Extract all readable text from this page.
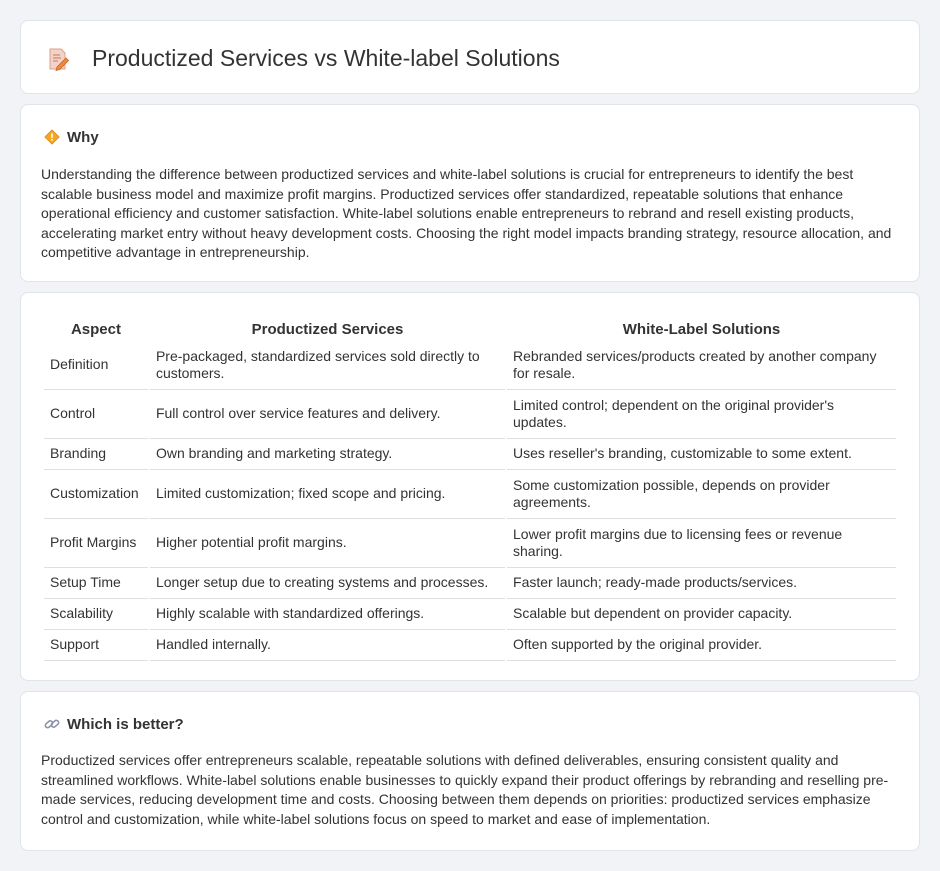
Productized Services vs White-label Solutions
Why

Understanding the difference between productized services and white-label solutions is crucial for entrepreneurs to identify the best scalable business model and maximize profit margins. Productized services offer standardized, repeatable solutions that enhance operational efficiency and customer satisfaction. White-label solutions enable entrepreneurs to rebrand and resell existing products, accelerating market entry without heavy development costs. Choosing the right model impacts branding strategy, resource allocation, and competitive advantage in entrepreneurship.

Aspect	Productized Services	White-Label Solutions
Definition	Pre-packaged, standardized services sold directly to customers.	Rebranded services/products created by another company for resale.
Control	Full control over service features and delivery.	Limited control; dependent on the original provider's updates.
Branding	Own branding and marketing strategy.	Uses reseller's branding, customizable to some extent.
Customization	Limited customization; fixed scope and pricing.	Some customization possible, depends on provider agreements.
Profit Margins	Higher potential profit margins.	Lower profit margins due to licensing fees or revenue sharing.
Setup Time	Longer setup due to creating systems and processes.	Faster launch; ready-made products/services.
Scalability	Highly scalable with standardized offerings.	Scalable but dependent on provider capacity.
Support	Handled internally.	Often supported by the original provider.
Which is better?

Productized services offer entrepreneurs scalable, repeatable solutions with defined deliverables, ensuring consistent quality and streamlined workflows. White-label solutions enable businesses to quickly expand their product offerings by rebranding and reselling pre-made services, reducing development time and costs. Choosing between them depends on priorities: productized services emphasize control and customization, while white-label solutions focus on speed to market and ease of implementation.
